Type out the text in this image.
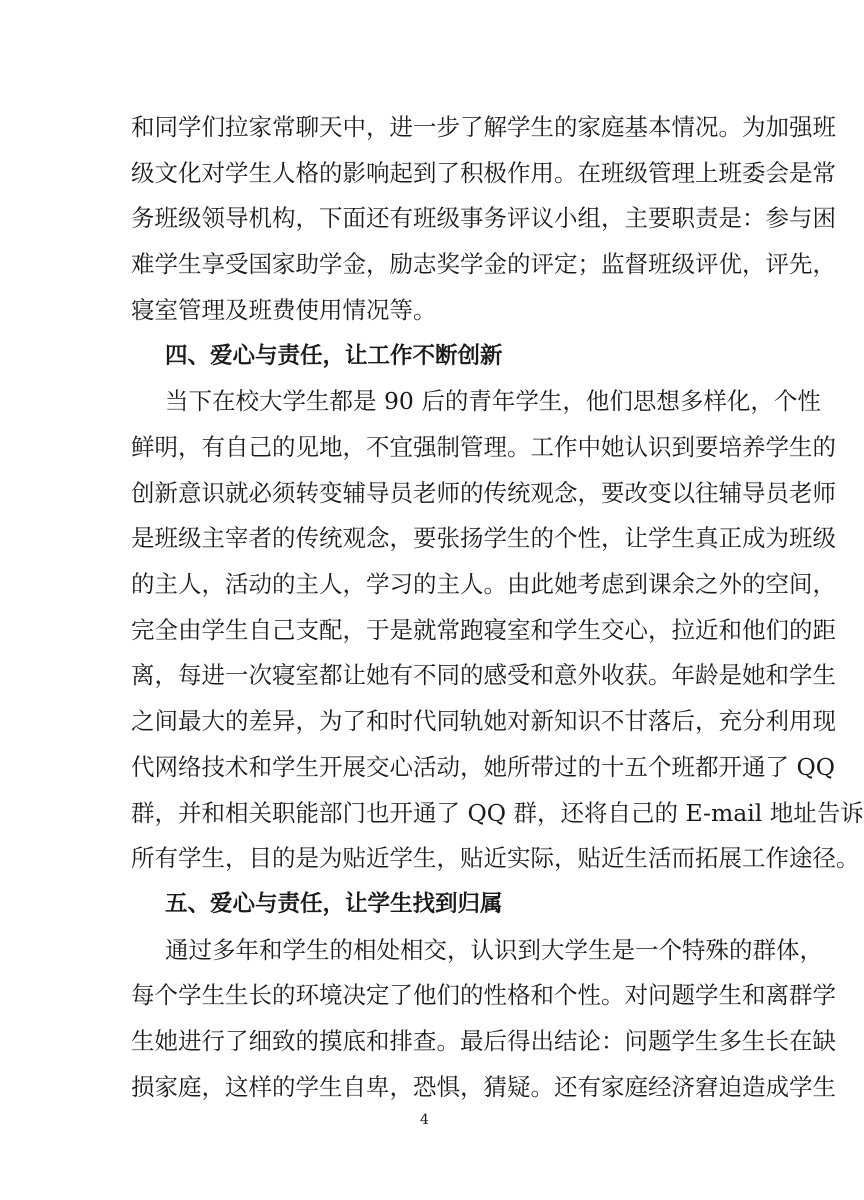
和同学们拉家常聊天中，进一步了解学生的家庭基本情况。为加强班
级文化对学生人格的影响起到了积极作用。在班级管理上班委会是常
务班级领导机构，下面还有班级事务评议小组，主要职责是：参与困
难学生享受国家助学金，励志奖学金的评定；监督班级评优，评先，
寝室管理及班费使用情况等。
四、爱心与责任，让工作不断创新
当下在校大学生都是 90 后的青年学生，他们思想多样化，个性
鲜明，有自己的见地，不宜强制管理。工作中她认识到要培养学生的
创新意识就必须转变辅导员老师的传统观念，要改变以往辅导员老师
是班级主宰者的传统观念，要张扬学生的个性，让学生真正成为班级
的主人，活动的主人，学习的主人。由此她考虑到课余之外的空间，
完全由学生自己支配，于是就常跑寝室和学生交心，拉近和他们的距
离，每进一次寝室都让她有不同的感受和意外收获。年龄是她和学生
之间最大的差异，为了和时代同轨她对新知识不甘落后，充分利用现
代网络技术和学生开展交心活动，她所带过的十五个班都开通了 QQ
群，并和相关职能部门也开通了 QQ 群，还将自己的 E-mail 地址告诉
所有学生，目的是为贴近学生，贴近实际，贴近生活而拓展工作途径。
五、爱心与责任，让学生找到归属
通过多年和学生的相处相交，认识到大学生是一个特殊的群体，
每个学生生长的环境决定了他们的性格和个性。对问题学生和离群学
生她进行了细致的摸底和排查。最后得出结论：问题学生多生长在缺
4
损家庭，这样的学生自卑，恐惧，猜疑。还有家庭经济窘迫造成学生
